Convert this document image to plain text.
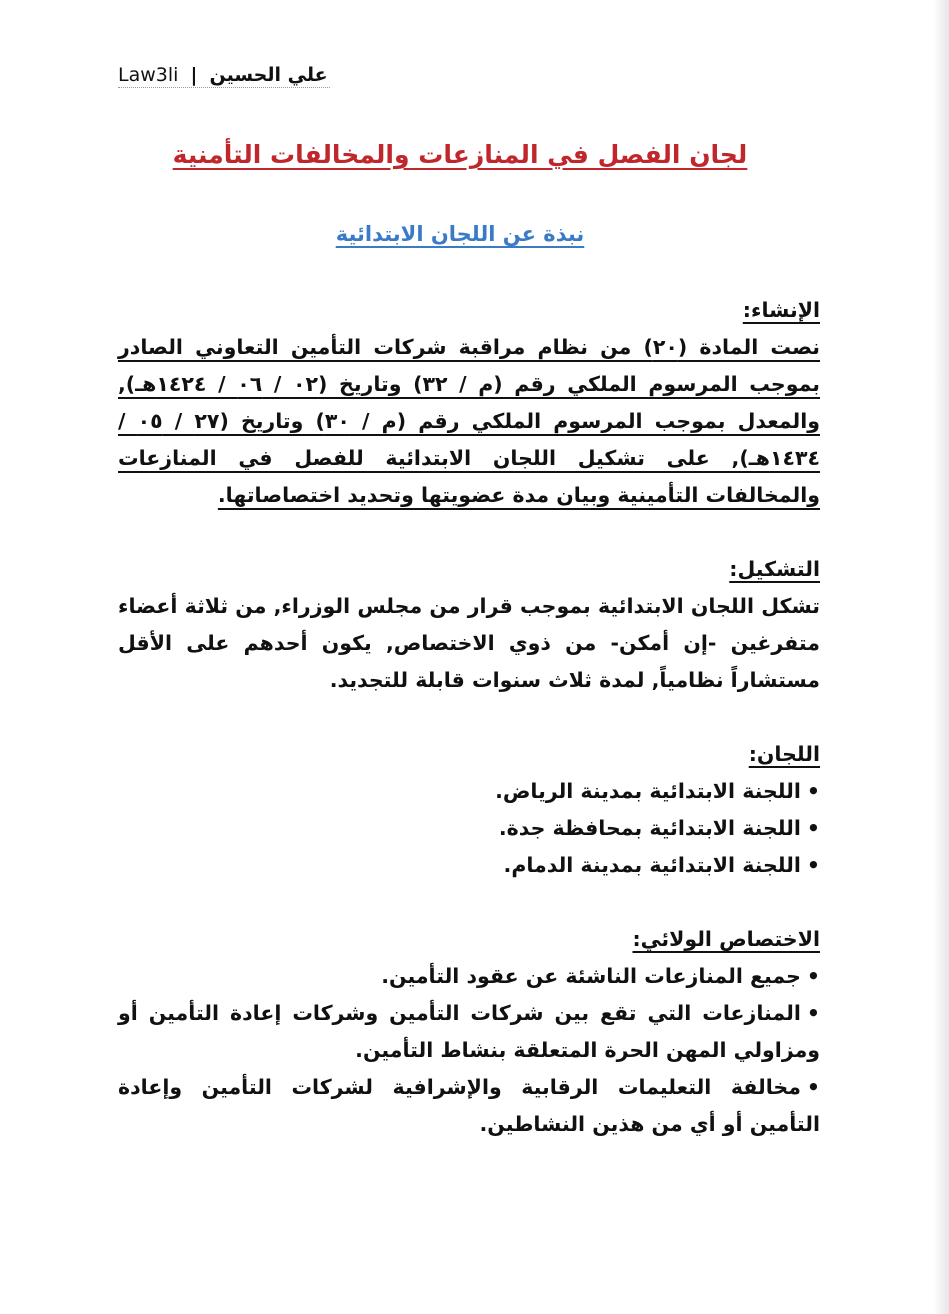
Law3li | علي الحسين
لجان الفصل في المنازعات والمخالفات التأمنية
نبذة عن اللجان الابتدائية
الإنشاء:
نصت المادة (٢٠) من نظام مراقبة شركات التأمين التعاوني الصادر بموجب المرسوم الملكي رقم (م / ٣٢) وتاريخ (٠٢ / ٠٦ / ١٤٢٤هـ), والمعدل بموجب المرسوم الملكي رقم (م / ٣٠) وتاريخ (٢٧ / ٠٥ / ١٤٣٤هـ), على تشكيل اللجان الابتدائية للفصل في المنازعات والمخالفات التأمينية وبيان مدة عضويتها وتحديد اختصاصاتها.
التشكيل:
تشكل اللجان الابتدائية بموجب قرار من مجلس الوزراء, من ثلاثة أعضاء متفرغين -إن أمكن- من ذوي الاختصاص, يكون أحدهم على الأقل مستشاراً نظامياً, لمدة ثلاث سنوات قابلة للتجديد.
اللجان:
•اللجنة الابتدائية بمدينة الرياض.
•اللجنة الابتدائية بمحافظة جدة.
•اللجنة الابتدائية بمدينة الدمام.
الاختصاص الولائي:
•جميع المنازعات الناشئة عن عقود التأمين.
•المنازعات التي تقع بين شركات التأمين وشركات إعادة التأمين أو ومزاولي المهن الحرة المتعلقة بنشاط التأمين.
•مخالفة التعليمات الرقابية والإشرافية لشركات التأمين وإعادة التأمين أو أي من هذين النشاطين.
